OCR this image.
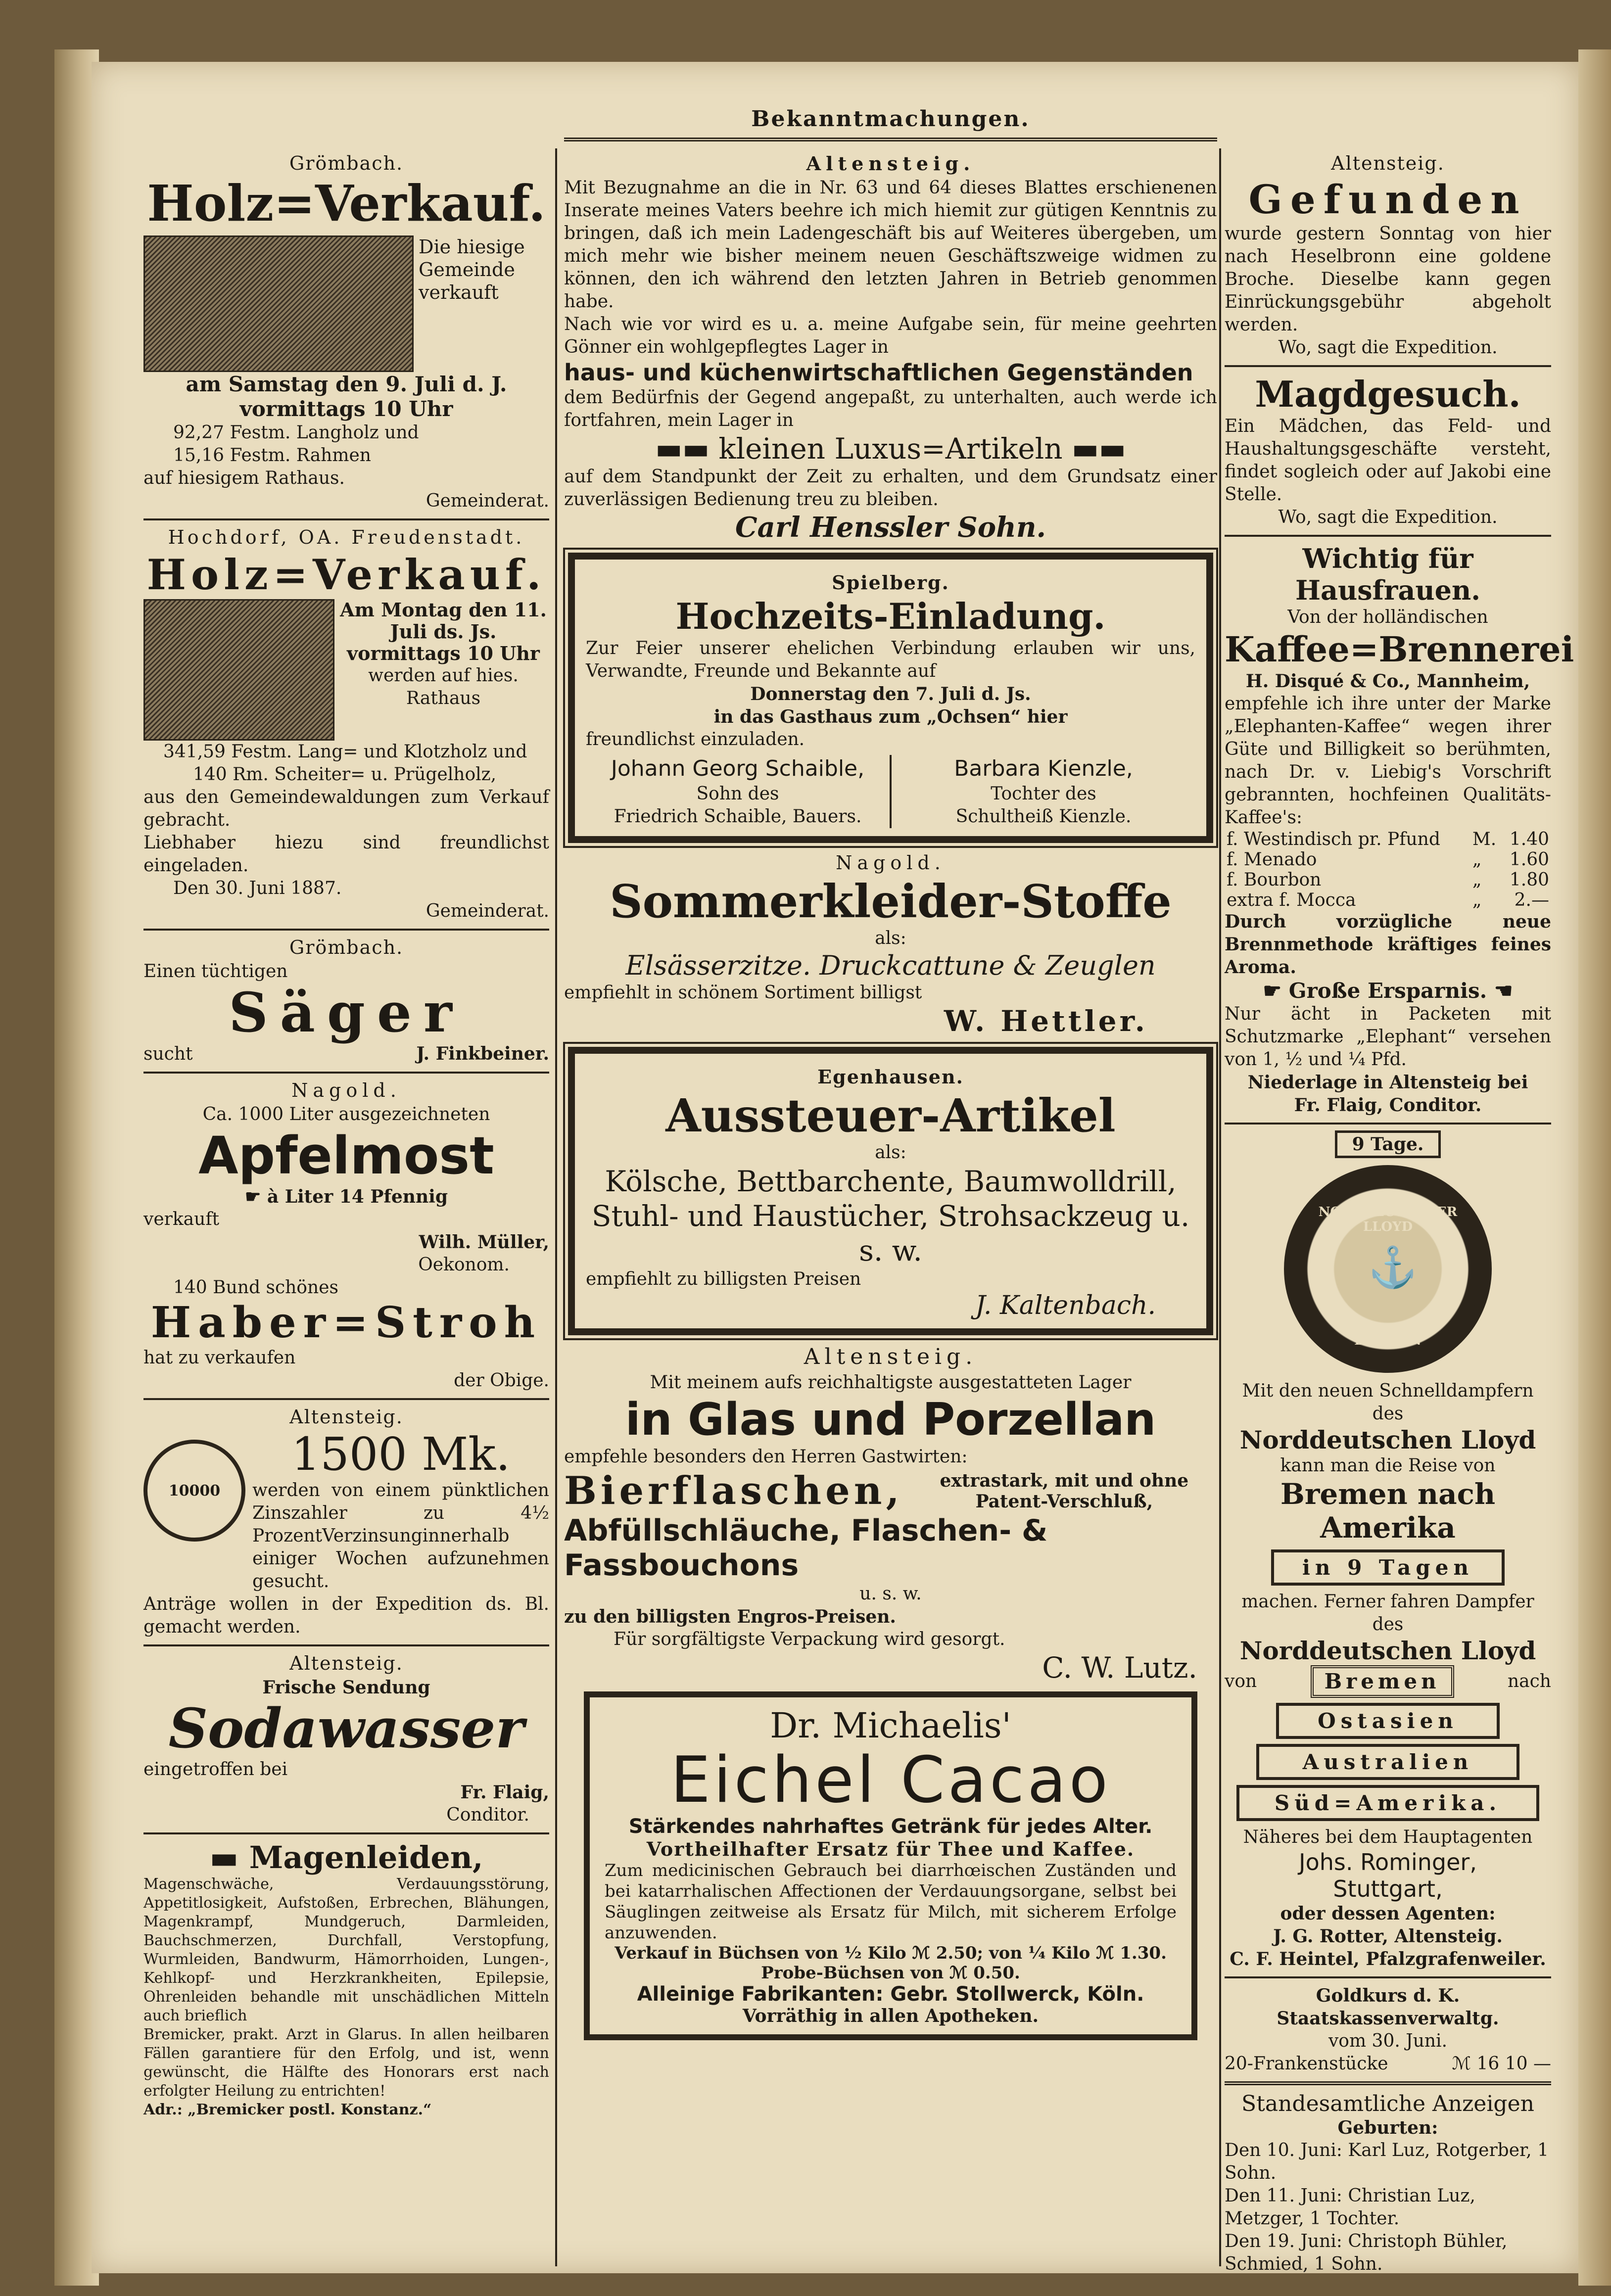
Bekanntmachungen.
Grömbach.
Holz=Verkauf.
Die hiesige Gemeinde verkauft
am Samstag den 9. Juli d. J. vormittags 10 Uhr
92,27 Festm. Langholz und
15,16 Festm. Rahmen
auf hiesigem Rathaus.
Gemeinderat.
Hochdorf, OA. Freudenstadt.
Holz=Verkauf.
Am Montag den 11. Juli ds. Js. vormittags 10 Uhr
werden auf hies. Rathaus
341,59 Festm. Lang= und Klotzholz und
140 Rm. Scheiter= u. Prügelholz,
aus den Gemeindewaldungen zum Verkauf gebracht.
Liebhaber hiezu sind freundlichst eingeladen.
Den 30. Juni 1887.
Gemeinderat.
Grömbach.
Einen tüchtigen
Säger
sucht	J. Finkbeiner.
Nagold.
Ca. 1000 Liter ausgezeichneten
Apfelmost
☛ à Liter 14 Pfennig
verkauft
Wilh. Müller,
Oekonom.
140 Bund schönes
Haber=Stroh
hat zu verkaufen
der Obige.
Altensteig.
10000
1500 Mk.
werden von einem pünktlichen Zinszahler zu 4½ ProzentVerzinsunginnerhalb einiger Wochen aufzunehmen gesucht.
Anträge wollen in der Expedition ds. Bl. gemacht werden.
Altensteig.
Frische Sendung
Sodawasser
eingetroffen bei
Fr. Flaig,
Conditor.
▬ Magenleiden,
Magenschwäche, Verdauungsstörung, Appetitlosigkeit, Aufstoßen, Erbrechen, Blähungen, Magenkrampf, Mundgeruch, Darmleiden, Bauchschmerzen, Durchfall, Verstopfung, Wurmleiden, Bandwurm, Hämorrhoiden, Lungen-, Kehlkopf- und Herzkrankheiten, Epilepsie, Ohrenleiden behandle mit unschädlichen Mitteln auch brieflich
Bremicker, prakt. Arzt in Glarus. In allen heilbaren Fällen garantiere für den Erfolg, und ist, wenn gewünscht, die Hälfte des Honorars erst nach erfolgter Heilung zu entrichten!
Adr.: „Bremicker postl. Konstanz.“
Altensteig.
Mit Bezugnahme an die in Nr. 63 und 64 dieses Blattes erschienenen Inserate meines Vaters beehre ich mich hiemit zur gütigen Kenntnis zu bringen, daß ich mein Ladengeschäft bis auf Weiteres übergeben, um mich mehr wie bisher meinem neuen Geschäftszweige widmen zu können, den ich während den letzten Jahren in Betrieb genommen habe.
Nach wie vor wird es u. a. meine Aufgabe sein, für meine geehrten Gönner ein wohlgepflegtes Lager in
haus- und küchenwirtschaftlichen Gegenständen
dem Bedürfnis der Gegend angepaßt, zu unterhalten, auch werde ich fortfahren, mein Lager in
▬▬ kleinen Luxus=Artikeln ▬▬
auf dem Standpunkt der Zeit zu erhalten, und dem Grundsatz einer zuverlässigen Bedienung treu zu bleiben.
Carl Henssler Sohn.
Spielberg.
Hochzeits-Einladung.
Zur Feier unserer ehelichen Verbindung erlauben wir uns, Verwandte, Freunde und Bekannte auf
Donnerstag den 7. Juli d. Js.
in das Gasthaus zum „Ochsen“ hier
freundlichst einzuladen.
Johann Georg Schaible,
Sohn des
Friedrich Schaible, Bauers.
Barbara Kienzle,
Tochter des
Schultheiß Kienzle.
Nagold.
Sommerkleider-Stoffe
als:
Elsässerzitze. Druckcattune & Zeuglen
empfiehlt in schönem Sortiment billigst
W. Hettler.
Egenhausen.
Aussteuer-Artikel
als:
Kölsche, Bettbarchente, Baumwolldrill, Stuhl- und Haustücher, Strohsackzeug u. s. w.
empfiehlt zu billigsten Preisen
J. Kaltenbach.
Altensteig.
Mit meinem aufs reichhaltigste ausgestatteten Lager
in Glas und Porzellan
empfehle besonders den Herren Gastwirten:
Bierflaschen,	extrastark, mit und ohne Patent-Verschluß,
Abfüllschläuche, Flaschen- & Fassbouchons
u. s. w.
zu den billigsten Engros-Preisen.
Für sorgfältigste Verpackung wird gesorgt.
C. W. Lutz.
Dr. Michaelis'
Eichel Cacao
Stärkendes nahrhaftes Getränk für jedes Alter.
Vortheilhafter Ersatz für Thee und Kaffee.
Zum medicinischen Gebrauch bei diarrhœischen Zuständen und bei katarrhalischen Affectionen der Verdauungsorgane, selbst bei Säuglingen zeitweise als Ersatz für Milch, mit sicherem Erfolge anzuwenden.
Verkauf in Büchsen von ½ Kilo ℳ 2.50; von ¼ Kilo ℳ 1.30.
Probe-Büchsen von ℳ 0.50.
Alleinige Fabrikanten: Gebr. Stollwerck, Köln.
Vorräthig in allen Apotheken.
Altensteig.
Gefunden
wurde gestern Sonntag von hier nach Heselbronn eine goldene Broche. Dieselbe kann gegen Einrückungsgebühr abgeholt werden.
Wo, sagt die Expedition.
Magdgesuch.
Ein Mädchen, das Feld- und Haushaltungsgeschäfte versteht, findet sogleich oder auf Jakobi eine Stelle.
Wo, sagt die Expedition.
Wichtig für Hausfrauen.
Von der holländischen
Kaffee=Brennerei
H. Disqué & Co., Mannheim,
empfehle ich ihre unter der Marke „Elephanten-Kaffee“ wegen ihrer Güte und Billigkeit so berühmten, nach Dr. v. Liebig's Vorschrift gebrannten, hochfeinen Qualitäts-Kaffee's:
f. Westindisch pr. Pfund	M.	1.40
f. Menado	„	1.60
f. Bourbon	„	1.80
extra f. Mocca	„	2.—
Durch vorzügliche neue Brennmethode kräftiges feines Aroma.
☛ Große Ersparnis. ☚
Nur ächt in Packeten mit Schutzmarke „Elephant“ versehen von 1, ½ und ¼ Pfd.
Niederlage in Altensteig bei
Fr. Flaig, Conditor.
9 Tage.
NORDDEUTSCHER LLOYD
BREMEN
⚓
Mit den neuen Schnelldampfern des
Norddeutschen Lloyd
kann man die Reise von
Bremen nach Amerika
in 9 Tagen
machen. Ferner fahren Dampfer des
Norddeutschen Lloyd
von	Bremen	nach
Ostasien
Australien
Süd=Amerika.
Näheres bei dem Hauptagenten
Johs. Rominger,
Stuttgart,
oder dessen Agenten:
J. G. Rotter, Altensteig.
C. F. Heintel, Pfalzgrafenweiler.
Goldkurs d. K. Staatskassenverwaltg.
vom 30. Juni.
20-Frankenstücke	ℳ 16 10 —
Standesamtliche Anzeigen
Geburten:
Den 10. Juni: Karl Luz, Rotgerber, 1 Sohn.
Den 11. Juni: Christian Luz, Metzger, 1 Tochter.
Den 19. Juni: Christoph Bühler, Schmied, 1 Sohn.
